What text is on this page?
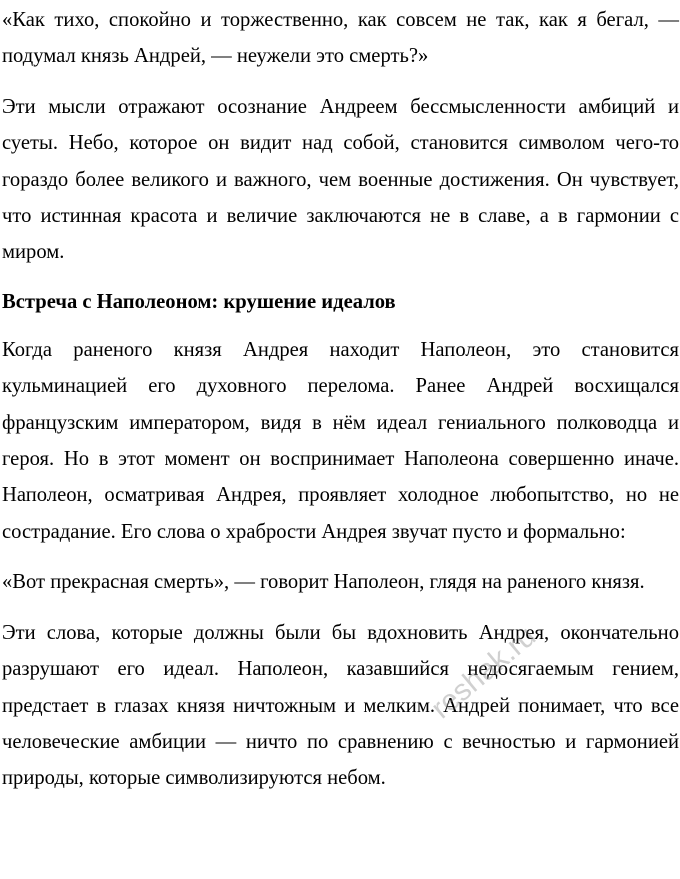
«Как тихо, спокойно и торжественно, как совсем не так, как я бегал, — подумал князь Андрей, — неужели это смерть?»

Эти мысли отражают осознание Андреем бессмысленности амбиций и суеты. Небо, которое он видит над собой, становится символом чего-то гораздо более великого и важного, чем военные достижения. Он чувствует, что истинная красота и величие заключаются не в славе, а в гармонии с миром.

Встреча с Наполеоном: крушение идеалов

Когда раненого князя Андрея находит Наполеон, это становится кульминацией его духовного перелома. Ранее Андрей восхищался французским императором, видя в нём идеал гениального полководца и героя. Но в этот момент он воспринимает Наполеона совершенно иначе. Наполеон, осматривая Андрея, проявляет холодное любопытство, но не сострадание. Его слова о храбрости Андрея звучат пусто и формально:

«Вот прекрасная смерть», — говорит Наполеон, глядя на раненого князя.

Эти слова, которые должны были бы вдохновить Андрея, окончательно разрушают его идеал. Наполеон, казавшийся недосягаемым гением, предстает в глазах князя ничтожным и мелким. Андрей понимает, что все человеческие амбиции — ничто по сравнению с вечностью и гармонией природы, которые символизируются небом.

reshak.ru
